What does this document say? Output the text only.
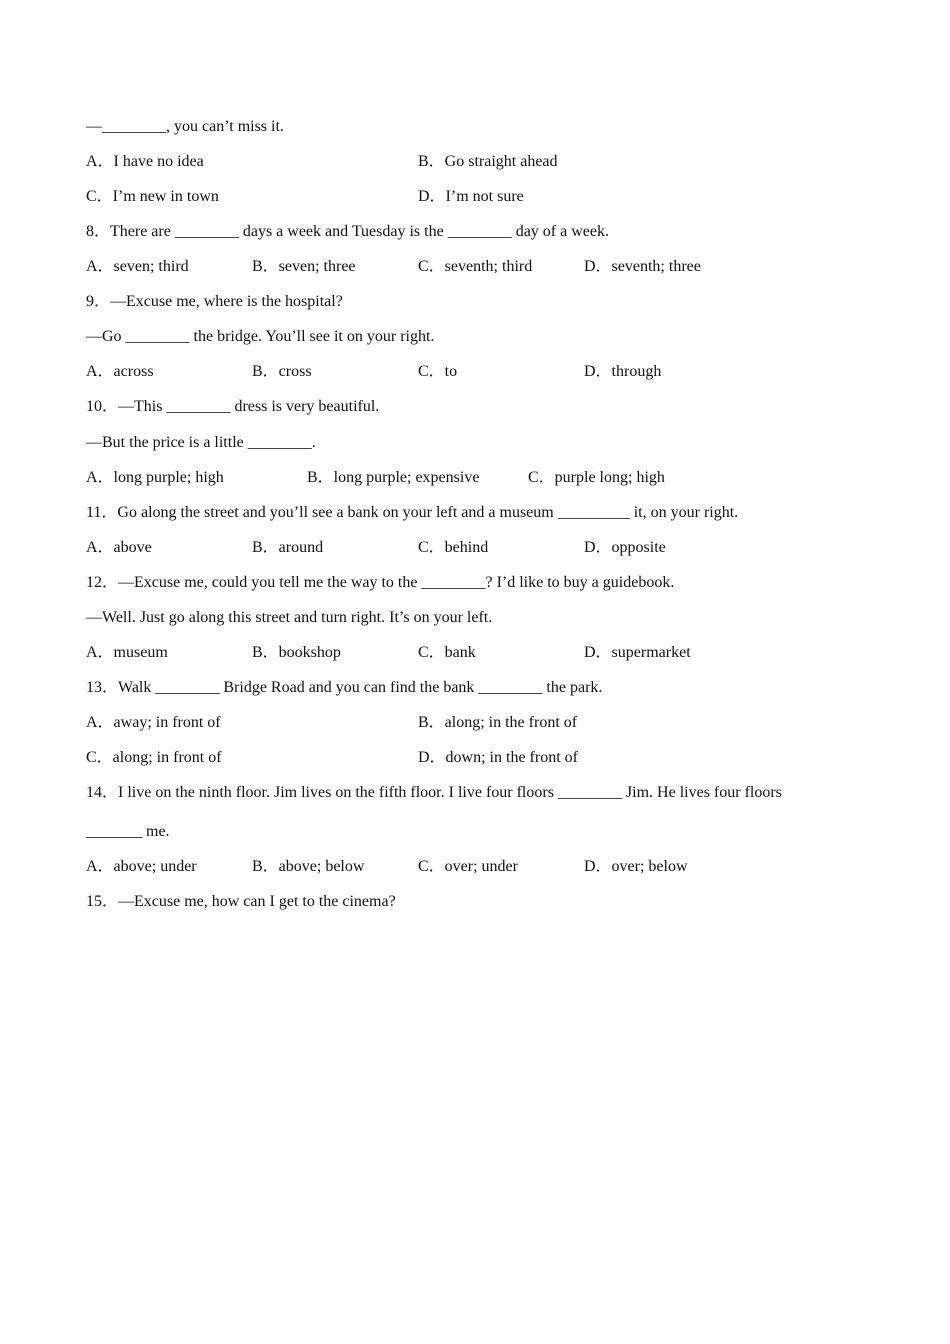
—________, you can’t miss it.
A．I have no idea	B．Go straight ahead
C．I’m new in town	D．I’m not sure
8．There are ________ days a week and Tuesday is the ________ day of a week.
A．seven; third	B．seven; three	C．seventh; third	D．seventh; three
9．—Excuse me, where is the hospital?
—Go ________ the bridge. You’ll see it on your right.
A．across	B．cross	C．to	D．through
10．—This ________ dress is very beautiful.
—But the price is a little ________.
A．long purple; high	B．long purple; expensive	C．purple long; high
11．Go along the street and you’ll see a bank on your left and a museum _________ it, on your right.
A．above	B．around	C．behind	D．opposite
12．—Excuse me, could you tell me the way to the ________? I’d like to buy a guidebook.
—Well. Just go along this street and turn right. It’s on your left.
A．museum	B．bookshop	C．bank	D．supermarket
13．Walk ________ Bridge Road and you can find the bank ________ the park.
A．away; in front of	B．along; in the front of
C．along; in front of	D．down; in the front of
14．I live on the ninth floor. Jim lives on the fifth floor. I live four floors ________ Jim. He lives four floors
_______ me.
A．above; under	B．above; below	C．over; under	D．over; below
15．—Excuse me, how can I get to the cinema?
